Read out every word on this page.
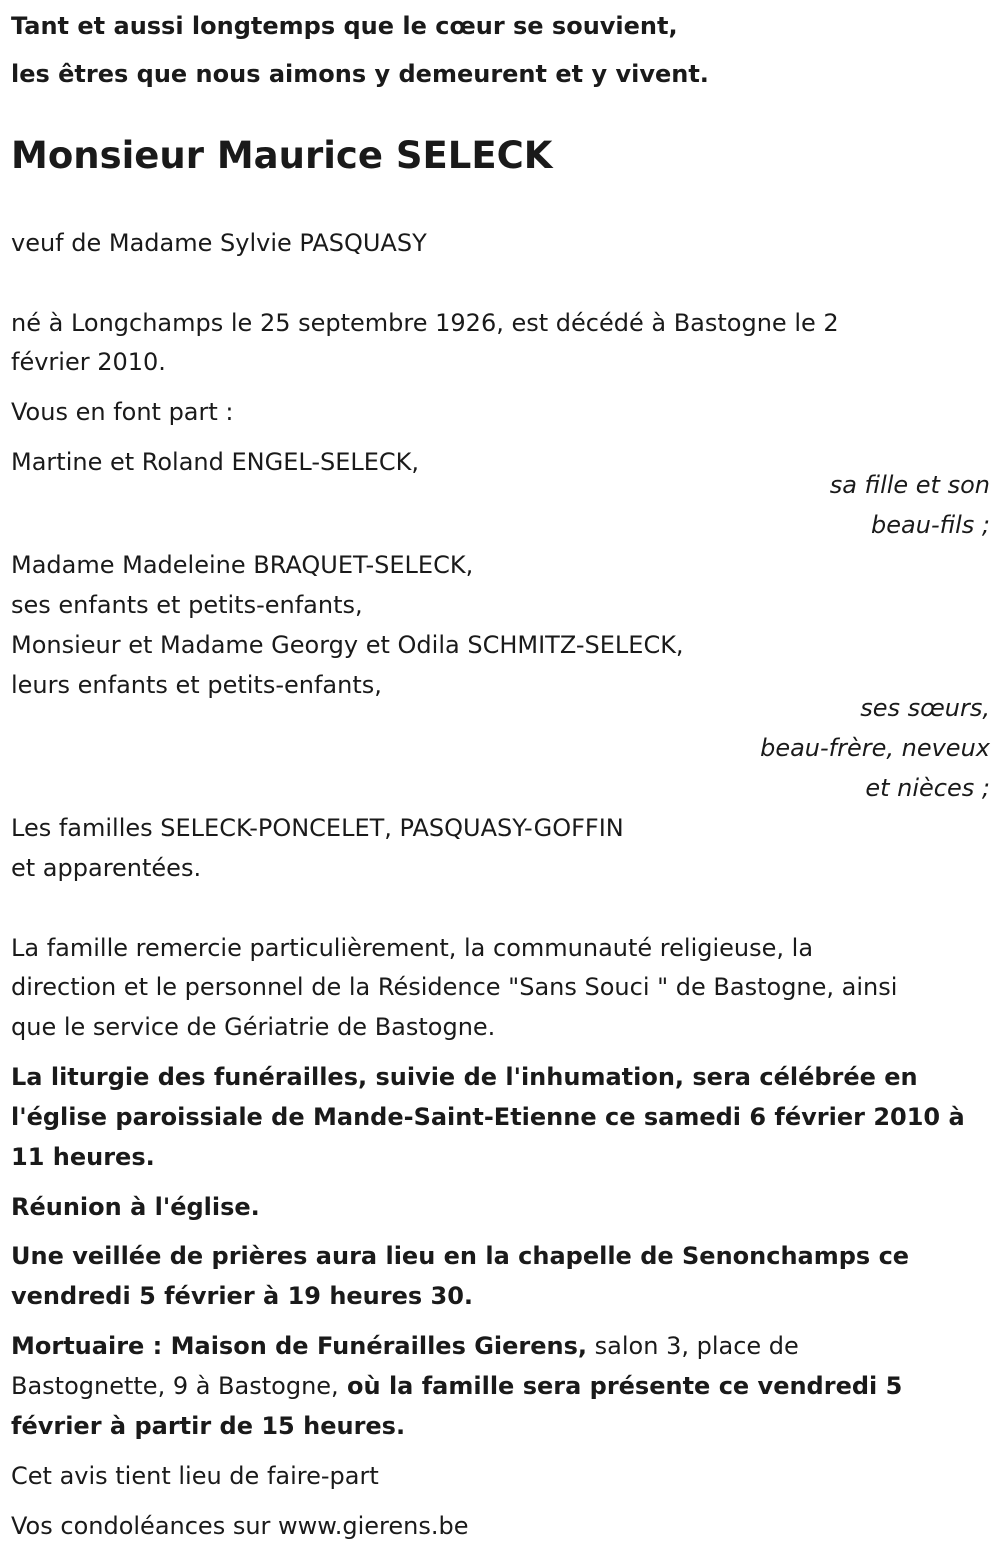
Tant et aussi longtemps que le cœur se souvient,
les êtres que nous aimons y demeurent et y vivent.
Monsieur Maurice SELECK
veuf de Madame Sylvie PASQUASY
né à Longchamps le 25 septembre 1926, est décédé à Bastogne le 2
février 2010.
Vous en font part :
Martine et Roland ENGEL-SELECK,
sa fille et son
beau-fils ;
Madame Madeleine BRAQUET-SELECK,
ses enfants et petits-enfants,
Monsieur et Madame Georgy et Odila SCHMITZ-SELECK,
leurs enfants et petits-enfants,
ses sœurs,
beau-frère, neveux
et nièces ;
Les familles SELECK-PONCELET, PASQUASY-GOFFIN
et apparentées.
La famille remercie particulièrement, la communauté religieuse, la
direction et le personnel de la Résidence "Sans Souci " de Bastogne, ainsi
que le service de Gériatrie de Bastogne.
La liturgie des funérailles, suivie de l'inhumation, sera célébrée en
l'église paroissiale de Mande-Saint-Etienne ce samedi 6 février 2010 à
11 heures.
Réunion à l'église.
Une veillée de prières aura lieu en la chapelle de Senonchamps ce
vendredi 5 février à 19 heures 30.
Mortuaire : Maison de Funérailles Gierens, salon 3, place de
Bastognette, 9 à Bastogne, où la famille sera présente ce vendredi 5
février à partir de 15 heures.
Cet avis tient lieu de faire-part
Vos condoléances sur www.gierens.be
